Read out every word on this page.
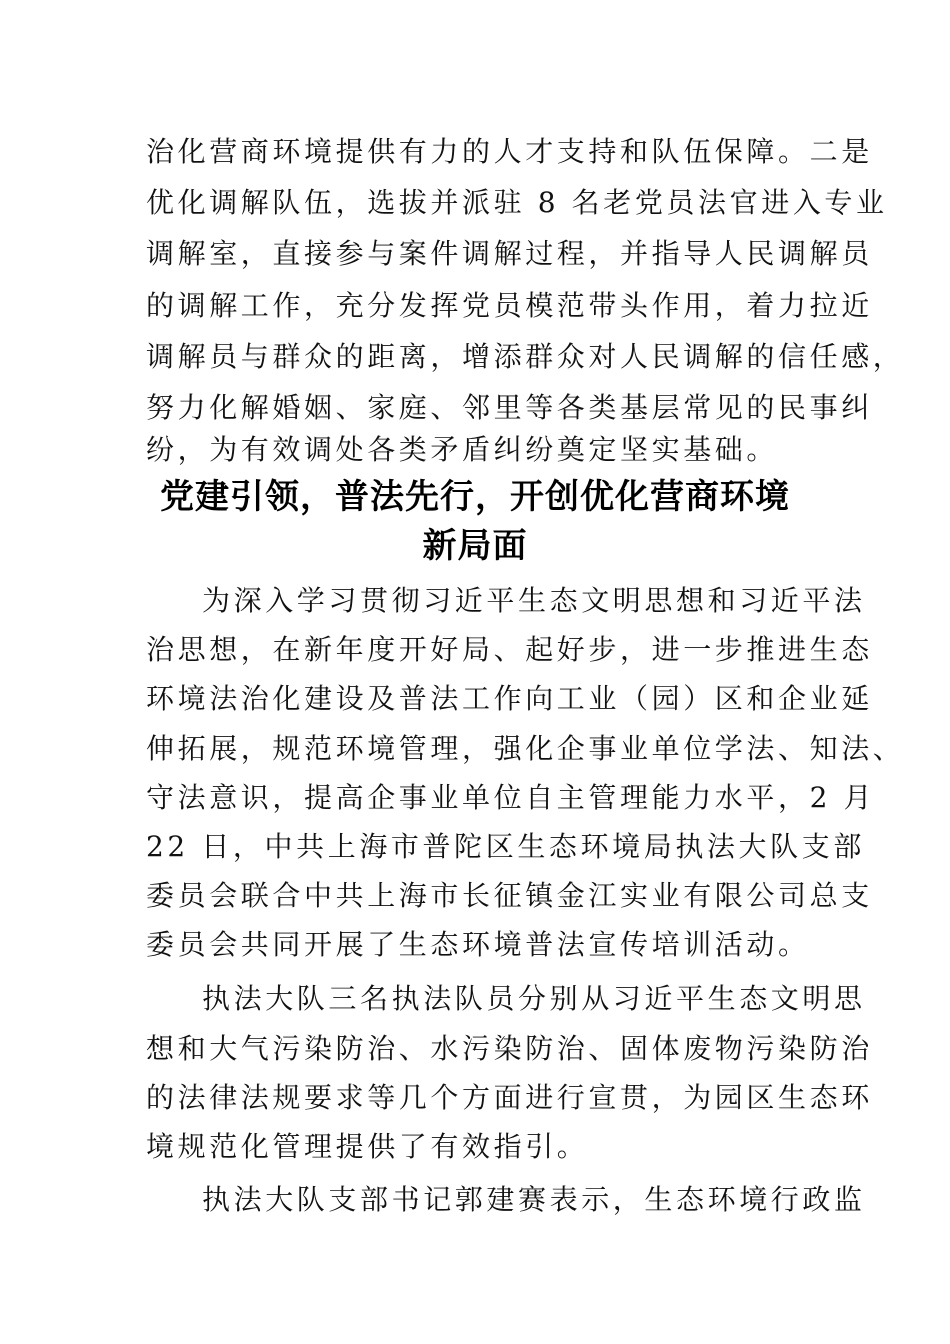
治化营商环境提供有力的人才支持和队伍保障。二是
优化调解队伍，选拔并派驻 8 名老党员法官进入专业
调解室，直接参与案件调解过程，并指导人民调解员
的调解工作，充分发挥党员模范带头作用，着力拉近
调解员与群众的距离，增添群众对人民调解的信任感，
努力化解婚姻、家庭、邻里等各类基层常见的民事纠
纷，为有效调处各类矛盾纠纷奠定坚实基础。
党建引领，普法先行，开创优化营商环境
新局面
为深入学习贯彻习近平生态文明思想和习近平法
治思想，在新年度开好局、起好步，进一步推进生态
环境法治化建设及普法工作向工业（园）区和企业延
伸拓展，规范环境管理，强化企事业单位学法、知法、
守法意识，提高企事业单位自主管理能力水平，2 月
22 日，中共上海市普陀区生态环境局执法大队支部
委员会联合中共上海市长征镇金江实业有限公司总支
委员会共同开展了生态环境普法宣传培训活动。
执法大队三名执法队员分别从习近平生态文明思
想和大气污染防治、水污染防治、固体废物污染防治
的法律法规要求等几个方面进行宣贯，为园区生态环
境规范化管理提供了有效指引。
执法大队支部书记郭建赛表示，生态环境行政监
